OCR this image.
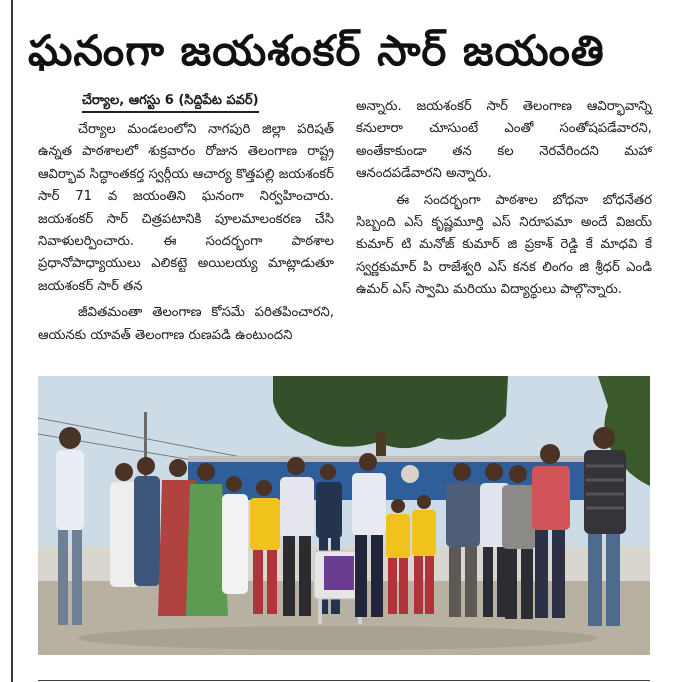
ఘనంగా జయశంకర్ సార్ జయంతి
చేర్యాల, ఆగస్టు 6 (సిద్దిపేట పవర్)

చేర్యాల మండలంలోని నాగపురి జిల్లా పరిషత్ ఉన్నత పాఠశాలలో శుక్రవారం రోజున తెలంగాణ రాష్ట్ర ఆవిర్భావ సిద్ధాంతకర్త స్వర్గీయ ఆచార్య కొత్తపల్లి జయశంకర్ సార్ 71 వ జయంతిని ఘనంగా నిర్వహించారు. జయశంకర్ సార్ చిత్రపటానికి పూలమాలంకరణ చేసి నివాళులర్పించారు. ఈ సందర్భంగా పాఠశాల ప్రధానోపాధ్యాయులు ఎలికట్టె అయిలయ్య మాట్లాడుతూ జయశంకర్ సార్ తన

జీవితమంతా తెలంగాణ కోసమే పరితపించారని, ఆయనకు యావత్ తెలంగాణ రుణపడి ఉంటుందని

అన్నారు. జయశంకర్ సార్ తెలంగాణ ఆవిర్భావాన్ని కనులారా చూసుంటే ఎంతో సంతోషపడేవారని, అంతేకాకుండా తన కల నెరవేరిందని మహా ఆనందపడేవారని అన్నారు.

ఈ సందర్భంగా పాఠశాల బోధనా బోధనేతర సిబ్బంది ఎస్ కృష్ణమూర్తి ఎస్ నిరూపమా అందే విజయ్ కుమార్ టి మనోజ్ కుమార్ జి ప్రకాశ్ రెడ్డి కే మాధవి కే స్వర్ణకుమార్ పి రాజేశ్వరి ఎస్ కనక లింగం జి శ్రీధర్ ఎండి ఉమర్ ఎస్ స్వామి మరియు విద్యార్థులు పాల్గొన్నారు.
